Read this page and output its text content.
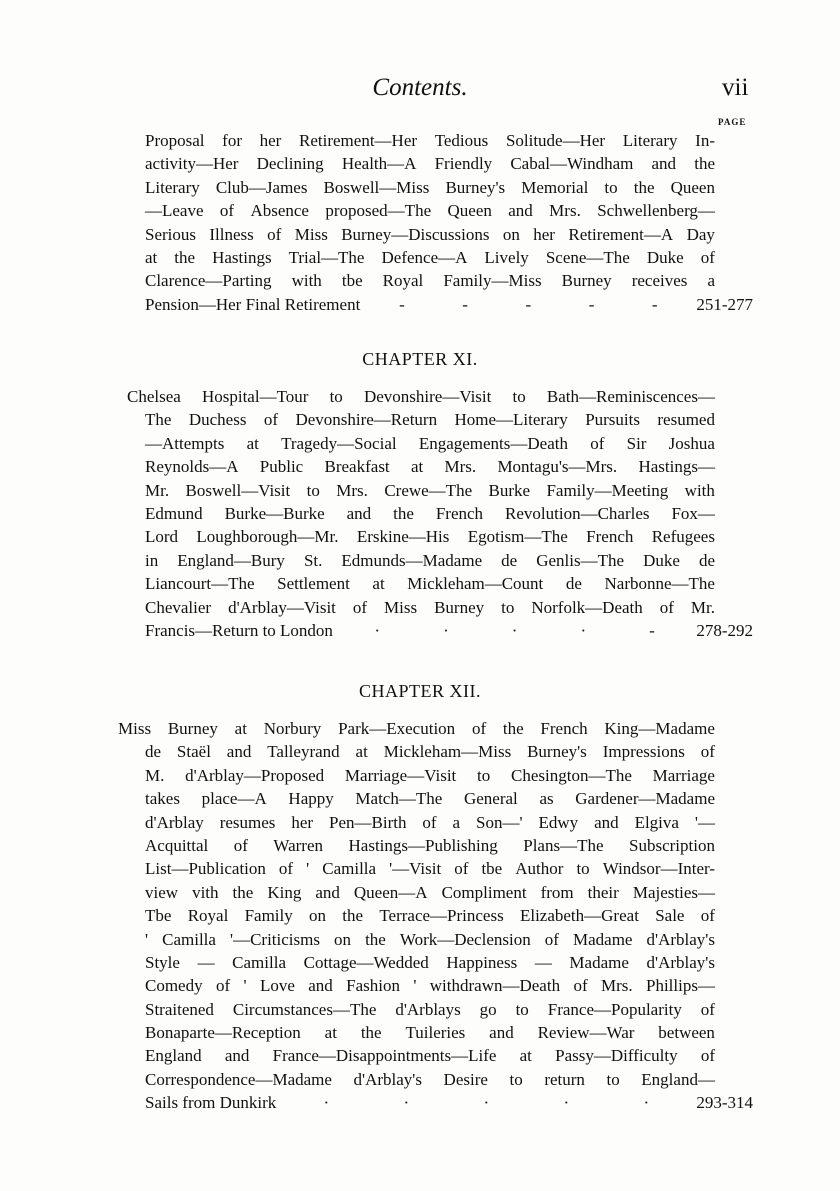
Contents.	vii
PAGE
Proposal for her Retirement—Her Tedious Solitude—Her Literary In-
activity—Her Declining Health—A Friendly Cabal—Windham and the
Literary Club—James Boswell—Miss Burney's Memorial to the Queen
—Leave of Absence proposed—The Queen and Mrs. Schwellenberg—
Serious Illness of Miss Burney—Discussions on her Retirement—A Day
at the Hastings Trial—The Defence—A Lively Scene—The Duke of
Clarence—Parting with tbe Royal Family—Miss Burney receives a
Pension—Her Final Retirement -	-	-	-	- 251-277
CHAPTER XI.
Chelsea Hospital—Tour to Devonshire—Visit to Bath—Reminiscences—
The Duchess of Devonshire—Return Home—Literary Pursuits resumed
—Attempts at Tragedy—Social Engagements—Death of Sir Joshua
Reynolds—A Public Breakfast at Mrs. Montagu's—Mrs. Hastings—
Mr. Boswell—Visit to Mrs. Crewe—The Burke Family—Meeting with
Edmund Burke—Burke and the French Revolution—Charles Fox—
Lord Loughborough—Mr. Erskine—His Egotism—The French Refugees
in England—Bury St. Edmunds—Madame de Genlis—The Duke de
Liancourt—The Settlement at Mickleham—Count de Narbonne—The
Chevalier d'Arblay—Visit of Miss Burney to Norfolk—Death of Mr.
Francis—Return to London ·	·	·	·	- 278-292
CHAPTER XII.
Miss Burney at Norbury Park—Execution of the French King—Madame
de Staël and Talleyrand at Mickleham—Miss Burney's Impressions of
M. d'Arblay—Proposed Marriage—Visit to Chesington—The Marriage
takes place—A Happy Match—The General as Gardener—Madame
d'Arblay resumes her Pen—Birth of a Son—' Edwy and Elgiva '—
Acquittal of Warren Hastings—Publishing Plans—The Subscription
List—Publication of ' Camilla '—Visit of tbe Author to Windsor—Inter-
view vith the King and Queen—A Compliment from their Majesties—
Tbe Royal Family on the Terrace—Princess Elizabeth—Great Sale of
' Camilla '—Criticisms on the Work—Declension of Madame d'Arblay's
Style — Camilla Cottage—Wedded Happiness — Madame d'Arblay's
Comedy of ' Love and Fashion ' withdrawn—Death of Mrs. Phillips—
Straitened Circumstances—The d'Arblays go to France—Popularity of
Bonaparte—Reception at the Tuileries and Review—War between
England and France—Disappointments—Life at Passy—Difficulty of
Correspondence—Madame d'Arblay's Desire to return to England—
Sails from Dunkirk	·	·	·	·	·	293-314
